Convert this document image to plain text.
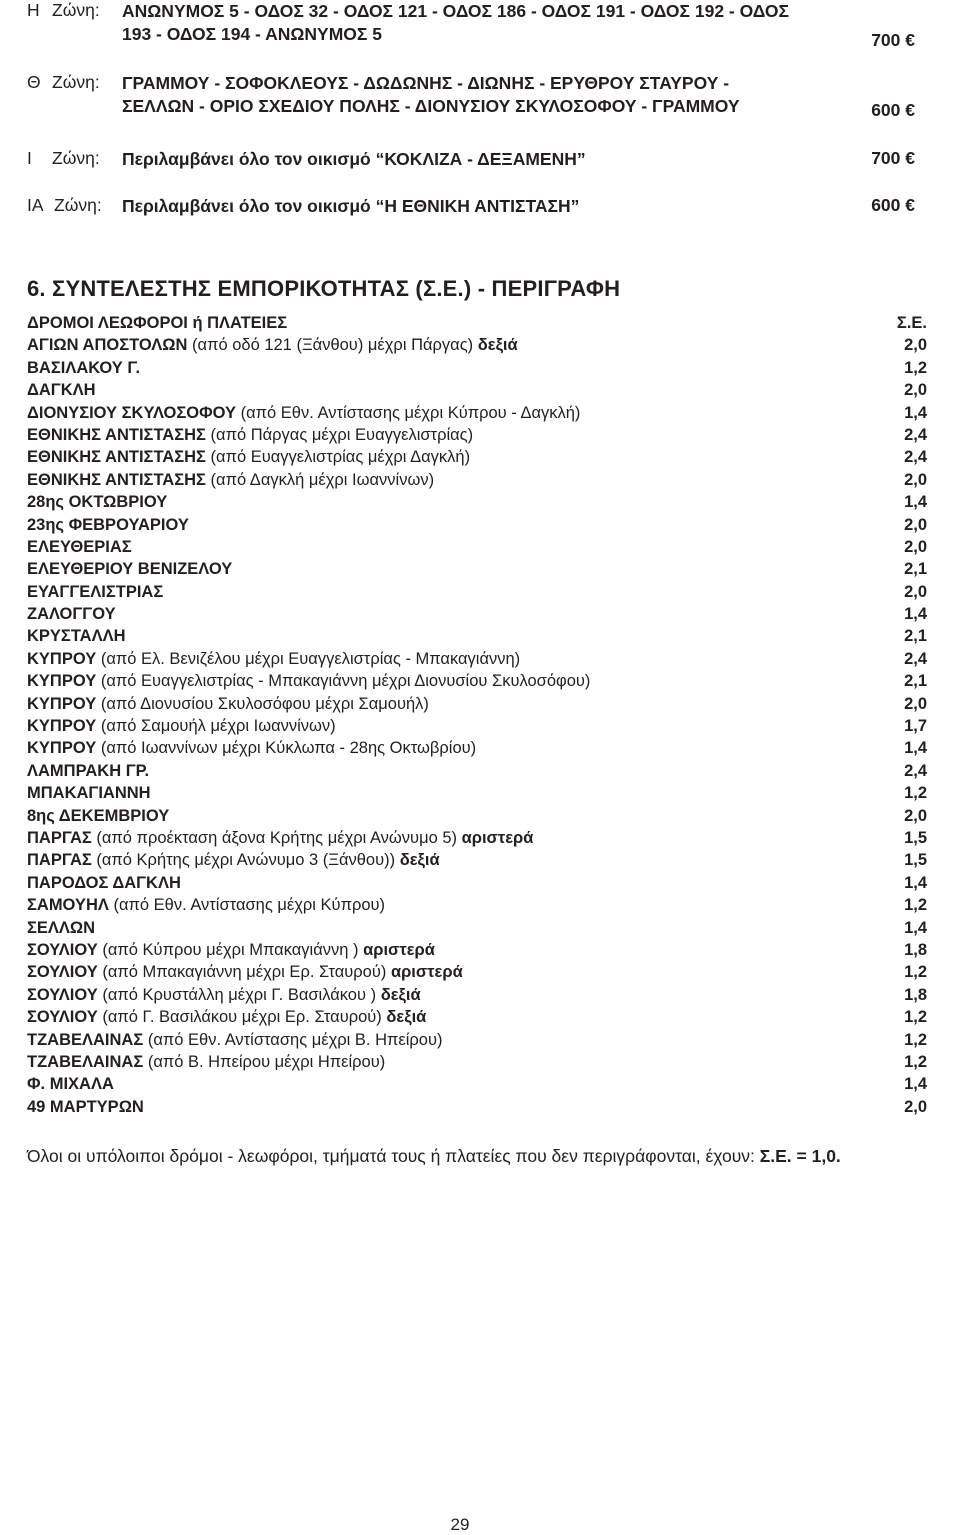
Η Ζώνη: ΑΝΩΝΥΜΟΣ 5 - ΟΔΟΣ 32 - ΟΔΟΣ 121 - ΟΔΟΣ 186 - ΟΔΟΣ 191 - ΟΔΟΣ 192 - ΟΔΟΣ
193 - ΟΔΟΣ 194 - ΑΝΩΝΥΜΟΣ 5	700 €
Θ Ζώνη: ΓΡΑΜΜΟΥ - ΣΟΦΟΚΛΕΟΥΣ - ΔΩΔΩΝΗΣ - ΔΙΩΝΗΣ - ΕΡΥΘΡΟΥ ΣΤΑΥΡΟΥ -
ΣΕΛΛΩΝ - ΟΡΙΟ ΣΧΕΔΙΟΥ ΠΟΛΗΣ - ΔΙΟΝΥΣΙΟΥ ΣΚΥΛΟΣΟΦΟΥ - ΓΡΑΜΜΟΥ	600 €
Ι Ζώνη: Περιλαμβάνει όλο τον οικισμό “ΚΟΚΛΙΖΑ - ΔΕΞΑΜΕΝΗ”	700 €
ΙΑ Ζώνη: Περιλαμβάνει όλο τον οικισμό “Η ΕΘΝΙΚΗ ΑΝΤΙΣΤΑΣΗ”	600 €
6. ΣΥΝΤΕΛΕΣΤΗΣ ΕΜΠΟΡΙΚΟΤΗΤΑΣ (Σ.Ε.) - ΠΕΡΙΓΡΑΦΗ
ΔΡΟΜΟΙ ΛΕΩΦΟΡΟΙ ή ΠΛΑΤΕΙΕΣ	Σ.Ε.
ΑΓΙΩΝ ΑΠΟΣΤΟΛΩΝ (από οδό 121 (Ξάνθου) μέχρι Πάργας) δεξιά	2,0
ΒΑΣΙΛΑΚΟΥ Γ.	1,2
ΔΑΓΚΛΗ	2,0
ΔΙΟΝΥΣΙΟΥ ΣΚΥΛΟΣΟΦΟΥ (από Εθν. Αντίστασης μέχρι Κύπρου - Δαγκλή)	1,4
ΕΘΝΙΚΗΣ ΑΝΤΙΣΤΑΣΗΣ (από Πάργας μέχρι Ευαγγελιστρίας)	2,4
ΕΘΝΙΚΗΣ ΑΝΤΙΣΤΑΣΗΣ (από Ευαγγελιστρίας μέχρι Δαγκλή)	2,4
ΕΘΝΙΚΗΣ ΑΝΤΙΣΤΑΣΗΣ (από Δαγκλή μέχρι Ιωαννίνων)	2,0
28ης ΟΚΤΩΒΡΙΟΥ	1,4
23ης ΦΕΒΡΟΥΑΡΙΟΥ	2,0
ΕΛΕΥΘΕΡΙΑΣ	2,0
ΕΛΕΥΘΕΡΙΟΥ ΒΕΝΙΖΕΛΟΥ	2,1
ΕΥΑΓΓΕΛΙΣΤΡΙΑΣ	2,0
ΖΑΛΟΓΓΟΥ	1,4
ΚΡΥΣΤΑΛΛΗ	2,1
ΚΥΠΡΟΥ (από Ελ. Βενιζέλου μέχρι Ευαγγελιστρίας - Μπακαγιάννη)	2,4
ΚΥΠΡΟΥ (από Ευαγγελιστρίας - Μπακαγιάννη μέχρι Διονυσίου Σκυλοσόφου)	2,1
ΚΥΠΡΟΥ (από Διονυσίου Σκυλοσόφου μέχρι Σαμουήλ)	2,0
ΚΥΠΡΟΥ (από Σαμουήλ μέχρι Ιωαννίνων)	1,7
ΚΥΠΡΟΥ (από Ιωαννίνων μέχρι Κύκλωπα - 28ης Οκτωβρίου)	1,4
ΛΑΜΠΡΑΚΗ ΓΡ.	2,4
ΜΠΑΚΑΓΙΑΝΝΗ	1,2
8ης ΔΕΚΕΜΒΡΙΟΥ	2,0
ΠΑΡΓΑΣ (από προέκταση άξονα Κρήτης μέχρι Ανώνυμο 5) αριστερά	1,5
ΠΑΡΓΑΣ (από Κρήτης μέχρι Ανώνυμο 3 (Ξάνθου)) δεξιά	1,5
ΠΑΡΟΔΟΣ ΔΑΓΚΛΗ	1,4
ΣΑΜΟΥΗΛ (από Εθν. Αντίστασης μέχρι Κύπρου)	1,2
ΣΕΛΛΩΝ	1,4
ΣΟΥΛΙΟΥ (από Κύπρου μέχρι Μπακαγιάννη ) αριστερά	1,8
ΣΟΥΛΙΟΥ (από Μπακαγιάννη μέχρι Ερ. Σταυρού) αριστερά	1,2
ΣΟΥΛΙΟΥ (από Κρυστάλλη μέχρι Γ. Βασιλάκου ) δεξιά	1,8
ΣΟΥΛΙΟΥ (από Γ. Βασιλάκου μέχρι Ερ. Σταυρού) δεξιά	1,2
ΤΖΑΒΕΛΑΙΝΑΣ (από Εθν. Αντίστασης μέχρι Β. Ηπείρου)	1,2
ΤΖΑΒΕΛΑΙΝΑΣ (από Β. Ηπείρου μέχρι Ηπείρου)	1,2
Φ. ΜΙΧΑΛΑ	1,4
49 ΜΑΡΤΥΡΩΝ	2,0
Όλοι οι υπόλοιποι δρόμοι - λεωφόροι, τμήματά τους ή πλατείες που δεν περιγράφονται, έχουν: Σ.Ε. = 1,0.
29
